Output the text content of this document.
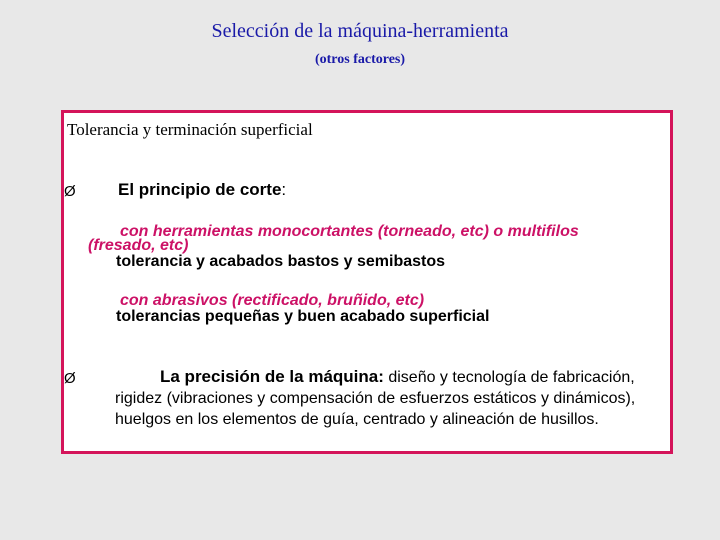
Selección de la máquina-herramienta
(otros factores)
Tolerancia y terminación superficial
Ø El principio de corte:
con herramientas monocortantes (torneado, etc) o multifilos
(fresado, etc)
tolerancia y acabados bastos y semibastos
con abrasivos (rectificado, bruñido, etc)
tolerancias pequeñas y buen acabado superficial
Ø	La precisión de la máquina: diseño y tecnología de fabricación, rigidez (vibraciones y compensación de esfuerzos estáticos y dinámicos), huelgos en los elementos de guía, centrado y alineación de husillos.
